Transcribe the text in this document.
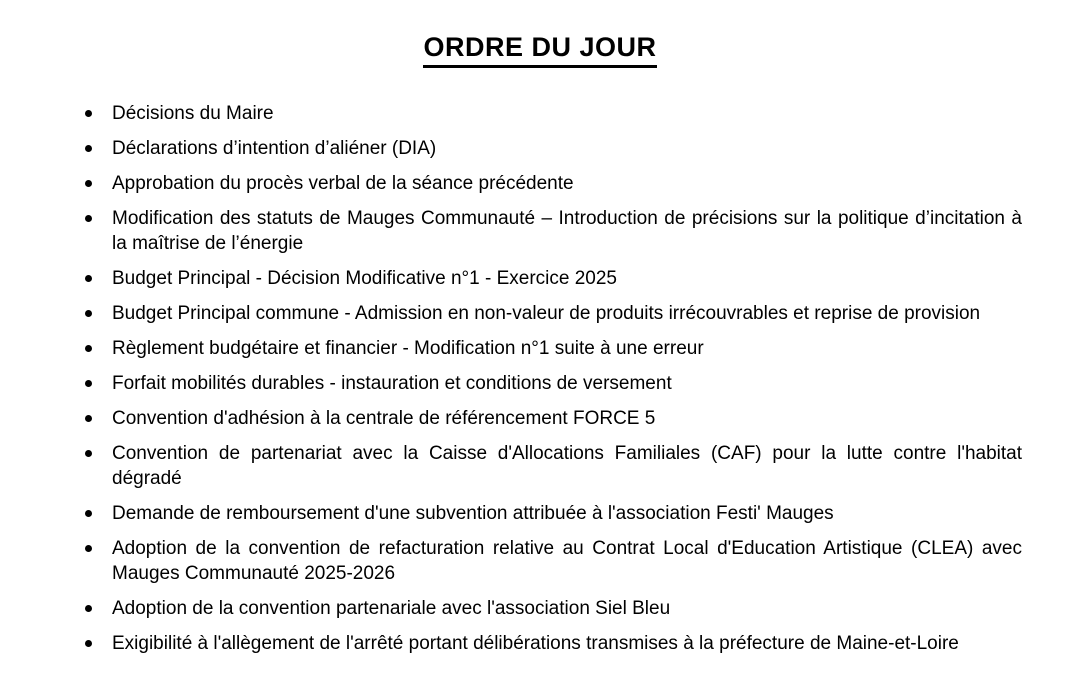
ORDRE DU JOUR
Décisions du Maire
Déclarations d’intention d’aliéner (DIA)
Approbation du procès verbal de la séance précédente
Modification des statuts de Mauges Communauté – Introduction de précisions sur la politique d’incitation à la maîtrise de l’énergie
Budget Principal - Décision Modificative n°1 - Exercice 2025
Budget Principal commune - Admission en non-valeur de produits irrécouvrables et reprise de provision
Règlement budgétaire et financier - Modification n°1 suite à une erreur
Forfait mobilités durables - instauration et conditions de versement
Convention d'adhésion à la centrale de référencement FORCE 5
Convention de partenariat avec la Caisse d'Allocations Familiales (CAF) pour la lutte contre l'habitat dégradé
Demande de remboursement d'une subvention attribuée à l'association Festi' Mauges
Adoption de la convention de refacturation relative au Contrat Local d'Education Artistique (CLEA) avec Mauges Communauté 2025-2026
Adoption de la convention partenariale avec l'association Siel Bleu
Exigibilité à l'allègement de l'arrêté portant délibérations transmises à la préfecture de Maine-et-Loire
